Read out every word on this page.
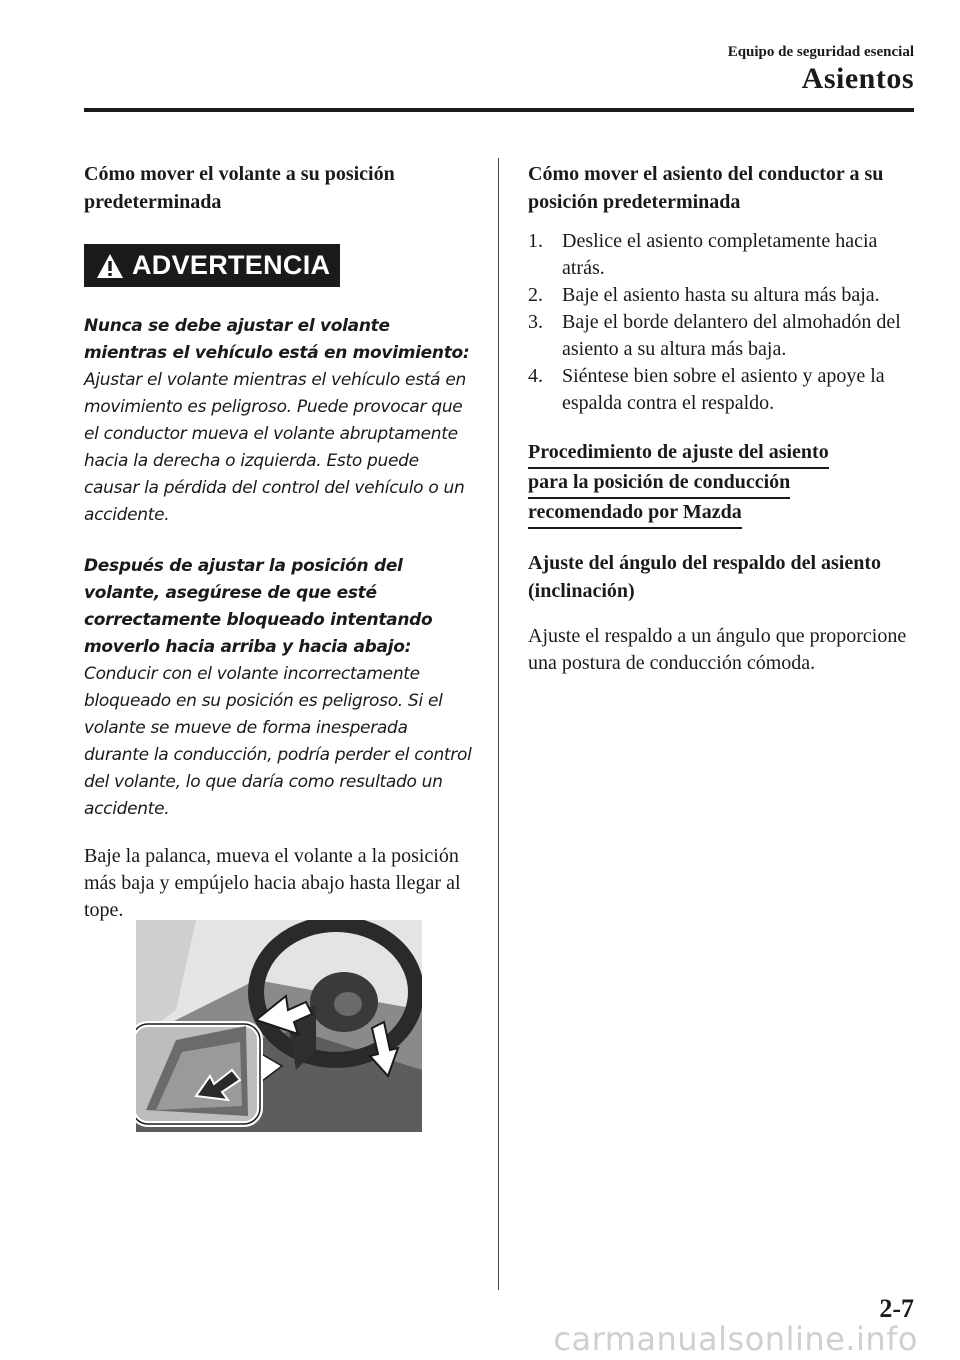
Equipo de seguridad esencial
Asientos
Cómo mover el volante a su posición predeterminada
ADVERTENCIA
Nunca se debe ajustar el volante mientras el vehículo está en movimiento:
Ajustar el volante mientras el vehículo está en movimiento es peligroso. Puede provocar que el conductor mueva el volante abruptamente hacia la derecha o izquierda. Esto puede causar la pérdida del control del vehículo o un accidente.
Después de ajustar la posición del volante, asegúrese de que esté correctamente bloqueado intentando moverlo hacia arriba y hacia abajo:
Conducir con el volante incorrectamente bloqueado en su posición es peligroso. Si el volante se mueve de forma inesperada durante la conducción, podría perder el control del volante, lo que daría como resultado un accidente.

Baje la palanca, mueva el volante a la posición más baja y empújelo hacia abajo hasta llegar al tope.

Cómo mover el asiento del conductor a su posición predeterminada
1. Deslice el asiento completamente hacia atrás.
2. Baje el asiento hasta su altura más baja.
3. Baje el borde delantero del almohadón del asiento a su altura más baja.
4. Siéntese bien sobre el asiento y apoye la espalda contra el respaldo.
Procedimiento de ajuste del asiento
para la posición de conducción
recomendado por Mazda
Ajuste del ángulo del respaldo del asiento (inclinación)

Ajuste el respaldo a un ángulo que proporcione una postura de conducción cómoda.

2-7
carmanualsonline.info
